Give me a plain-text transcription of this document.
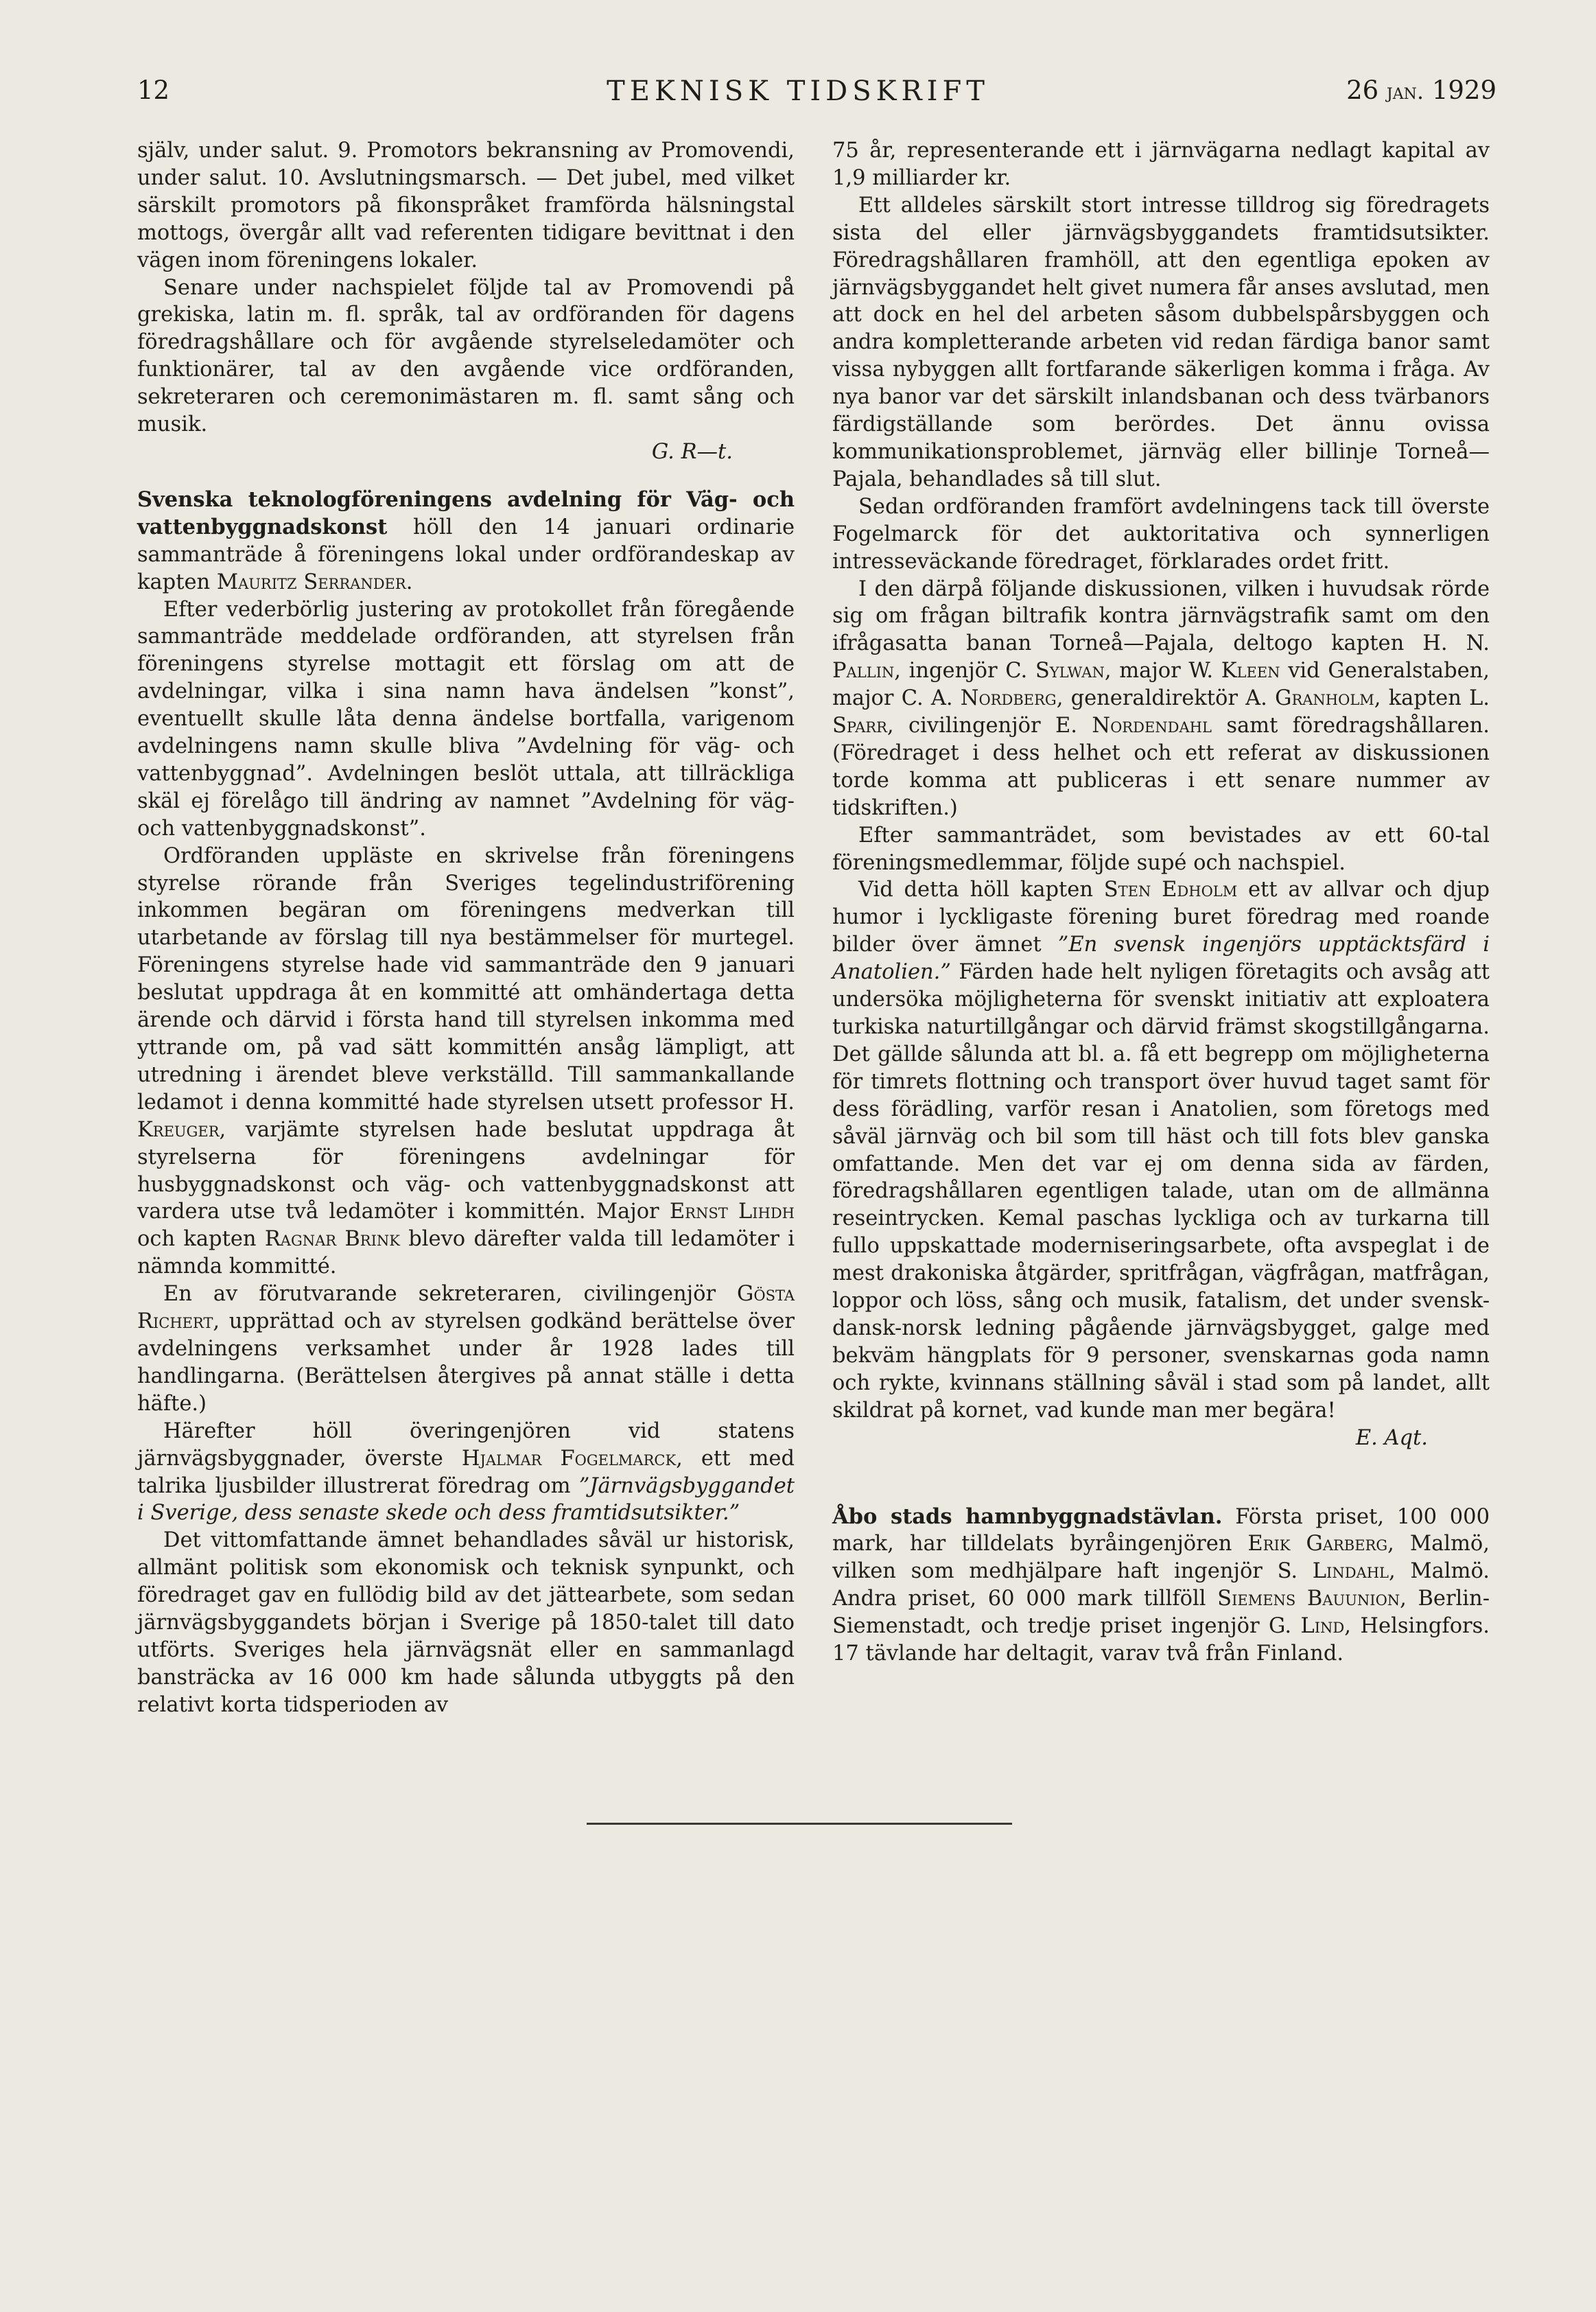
12	TEKNISK TIDSKRIFT	26 jan. 1929

själv, under salut. 9. Promotors bekransning av Promovendi, under salut. 10. Avslutningsmarsch. — Det jubel, med vilket särskilt promotors på fikonspråket framförda hälsningstal mottogs, övergår allt vad referenten tidigare bevittnat i den vägen inom föreningens lokaler.

Senare under nachspielet följde tal av Promovendi på grekiska, latin m. fl. språk, tal av ordföranden för dagens föredragshållare och för avgående styrelseledamöter och funktionärer, tal av den avgående vice ordföranden, sekreteraren och ceremonimästaren m. fl. samt sång och musik.

G. R—t.

Svenska teknologföreningens avdelning för Väg- och vattenbyggnadskonst höll den 14 januari ordinarie sammanträde å föreningens lokal under ordförandeskap av kapten Mauritz Serrander.

Efter vederbörlig justering av protokollet från föregående sammanträde meddelade ordföranden, att styrelsen från föreningens styrelse mottagit ett förslag om att de avdelningar, vilka i sina namn hava ändelsen ”konst”, eventuellt skulle låta denna ändelse bortfalla, varigenom avdelningens namn skulle bliva ”Avdelning för väg- och vattenbyggnad”. Avdelningen beslöt uttala, att tillräckliga skäl ej förelågo till ändring av namnet ”Avdelning för väg- och vattenbyggnadskonst”.

Ordföranden uppläste en skrivelse från föreningens styrelse rörande från Sveriges tegelindustriförening inkommen begäran om föreningens medverkan till utarbetande av förslag till nya bestämmelser för murtegel. Föreningens styrelse hade vid sammanträde den 9 januari beslutat uppdraga åt en kommitté att omhändertaga detta ärende och därvid i första hand till styrelsen inkomma med yttrande om, på vad sätt kommittén ansåg lämpligt, att utredning i ärendet bleve verkställd. Till sammankallande ledamot i denna kommitté hade styrelsen utsett professor H. Kreuger, varjämte styrelsen hade beslutat uppdraga åt styrelserna för föreningens avdelningar för husbyggnadskonst och väg- och vattenbyggnadskonst att vardera utse två ledamöter i kommittén. Major Ernst Lihdh och kapten Ragnar Brink blevo därefter valda till ledamöter i nämnda kommitté.

En av förutvarande sekreteraren, civilingenjör Gösta Richert, upprättad och av styrelsen godkänd berättelse över avdelningens verksamhet under år 1928 lades till handlingarna. (Berättelsen återgives på annat ställe i detta häfte.)

Härefter höll överingenjören vid statens järnvägsbyggnader, överste Hjalmar Fogelmarck, ett med talrika ljusbilder illustrerat föredrag om ”Järnvägsbyggandet i Sverige, dess senaste skede och dess framtidsutsikter.”

Det vittomfattande ämnet behandlades såväl ur historisk, allmänt politisk som ekonomisk och teknisk synpunkt, och föredraget gav en fullödig bild av det jättearbete, som sedan järnvägsbyggandets början i Sverige på 1850-talet till dato utförts. Sveriges hela järnvägsnät eller en sammanlagd bansträcka av 16 000 km hade sålunda utbyggts på den relativt korta tidsperioden av

75 år, representerande ett i järnvägarna nedlagt kapital av 1,9 milliarder kr.

Ett alldeles särskilt stort intresse tilldrog sig föredragets sista del eller järnvägsbyggandets framtidsutsikter. Föredragshållaren framhöll, att den egentliga epoken av järnvägsbyggandet helt givet numera får anses avslutad, men att dock en hel del arbeten såsom dubbelspårsbyggen och andra kompletterande arbeten vid redan färdiga banor samt vissa nybyggen allt fortfarande säkerligen komma i fråga. Av nya banor var det särskilt inlandsbanan och dess tvärbanors färdigställande som berördes. Det ännu ovissa kommunikationsproblemet, järnväg eller billinje Torneå—Pajala, behandlades så till slut.

Sedan ordföranden framfört avdelningens tack till överste Fogelmarck för det auktoritativa och synnerligen intresseväckande föredraget, förklarades ordet fritt.

I den därpå följande diskussionen, vilken i huvudsak rörde sig om frågan biltrafik kontra järnvägstrafik samt om den ifrågasatta banan Torneå—Pajala, deltogo kapten H. N. Pallin, ingenjör C. Sylwan, major W. Kleen vid Generalstaben, major C. A. Nordberg, generaldirektör A. Granholm, kapten L. Sparr, civilingenjör E. Nordendahl samt föredragshållaren. (Föredraget i dess helhet och ett referat av diskussionen torde komma att publiceras i ett senare nummer av tidskriften.)

Efter sammanträdet, som bevistades av ett 60-tal föreningsmedlemmar, följde supé och nachspiel.

Vid detta höll kapten Sten Edholm ett av allvar och djup humor i lyckligaste förening buret föredrag med roande bilder över ämnet ”En svensk ingenjörs upptäcktsfärd i Anatolien.” Färden hade helt nyligen företagits och avsåg att undersöka möjligheterna för svenskt initiativ att exploatera turkiska naturtillgångar och därvid främst skogstillgångarna. Det gällde sålunda att bl. a. få ett begrepp om möjligheterna för timrets flottning och transport över huvud taget samt för dess förädling, varför resan i Anatolien, som företogs med såväl järnväg och bil som till häst och till fots blev ganska omfattande. Men det var ej om denna sida av färden, föredragshållaren egentligen talade, utan om de allmänna reseintrycken. Kemal paschas lyckliga och av turkarna till fullo uppskattade moderniseringsarbete, ofta avspeglat i de mest drakoniska åtgärder, spritfrågan, vägfrågan, matfrågan, loppor och löss, sång och musik, fatalism, det under svensk-dansk-norsk ledning pågående järnvägsbygget, galge med bekväm hängplats för 9 personer, svenskarnas goda namn och rykte, kvinnans ställning såväl i stad som på landet, allt skildrat på kornet, vad kunde man mer begära!

E. Aqt.

Åbo stads hamnbyggnadstävlan. Första priset, 100 000 mark, har tilldelats byråingenjören Erik Garberg, Malmö, vilken som medhjälpare haft ingenjör S. Lindahl, Malmö. Andra priset, 60 000 mark tillföll Siemens Bauunion, Berlin-Siemenstadt, och tredje priset ingenjör G. Lind, Helsingfors. 17 tävlande har deltagit, varav två från Finland.
